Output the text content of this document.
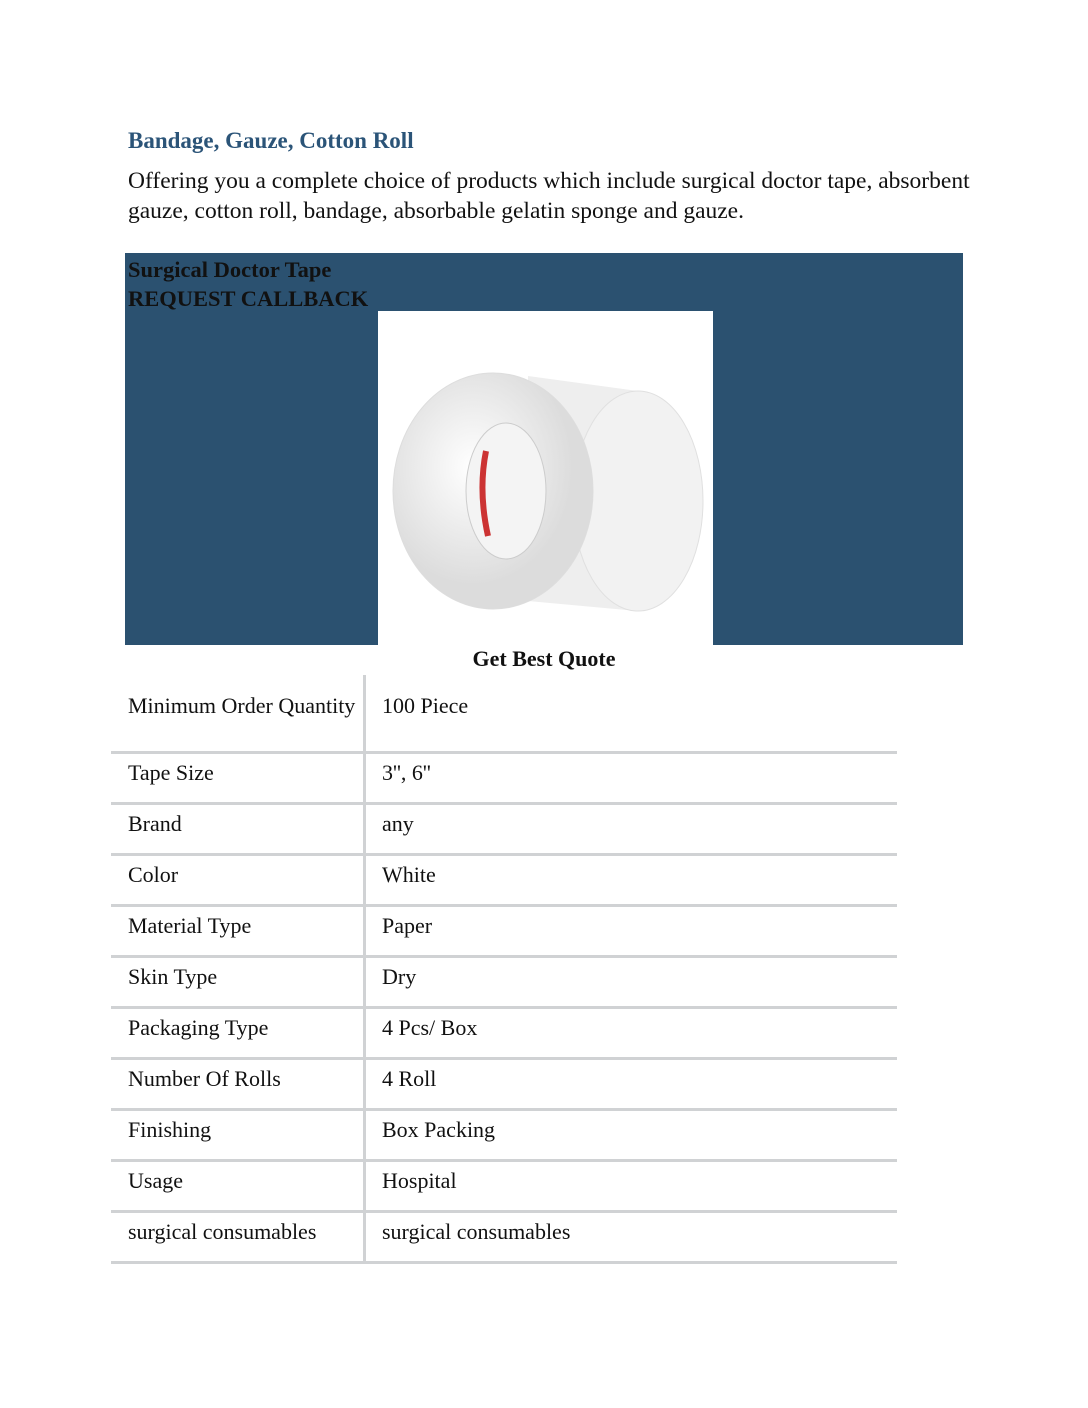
Bandage, Gauze, Cotton Roll
Offering you a complete choice of products which include surgical doctor tape, absorbent gauze, cotton roll, bandage, absorbable gelatin sponge and gauze.
Surgical Doctor Tape
REQUEST CALLBACK
Get Best Quote
Minimum Order Quantity	100 Piece
Tape Size	3'', 6''
Brand	any
Color	White
Material Type	Paper
Skin Type	Dry
Packaging Type	4 Pcs/ Box
Number Of Rolls	4 Roll
Finishing	Box Packing
Usage	Hospital
surgical consumables	surgical consumables
